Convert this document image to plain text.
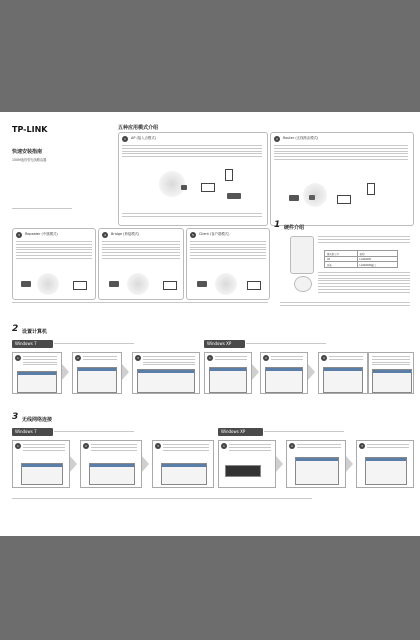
TP-LINK
快速安装指南
150M迷你型无线路由器
五种应用模式介绍
1	AP (接入点模式)	2	Router (无线路由模式)
3	Repeater (中继模式)	4	Bridge (桥接模式)	5	Client (客户端模式)
1 硬件介绍
模式指示灯	说明
AP	LAN/WAN
其他	LAN/WAN接口
2 设置计算机
Windows 7	Windows XP
1	2	3	1	2	3
3 无线网络连接
Windows 7	Windows XP
1	2	3	1	2	3
